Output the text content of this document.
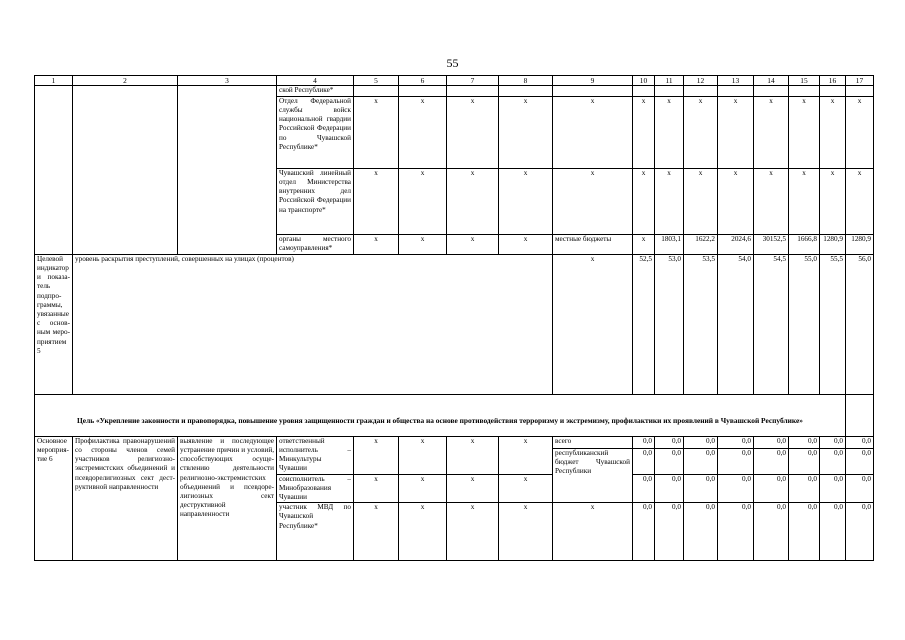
55
1	2	3	4	5	6	7	8	9	10	11	12	13	14	15	16	17
			ской Республике*													
			Отдел Федеральной службы войск национальной гвардии Российской Федерации по Чувашской Республике*	x	x	x	x	x	x	x	x	x	x	x	x	x
			Чувашский линейный отдел Министерства внутренних дел Российской Федерации на транспорте*	x	x	x	x	x	x	x	x	x	x	x	x	x
			органы местного самоуправления*	x	x	x	x	местные бюджеты	x	1803,1	1622,2	2024,6	30152,5	1666,8	1280,9	1280,9
Целевой индикатор и показатель подпрограммы, увязанные с основным мероприятием 5	уровень раскрытия преступлений, совершенных на улицах (процентов)							x	52,5	53,0	53,5	54,0	54,5	55,0	55,5	56,0
Цель «Укрепление законности и правопорядка, повышение уровня защищенности граждан и общества на основе противодействия терроризму и экстремизму, профилактики их проявлений в Чувашской Республике»																
Основное мероприятие 6	Профилактика правонарушений со стороны членов семей участников религиозно-экстремистских объединений и псевдорелигиозных сект деструктивной направленности	выявление и последующее устранение причин и условий, способствующих осуществлению деятельности религиозно-экстремистских объединений и псевдорелигиозных сект деструктивной направленности	ответственный исполнитель – Минкультуры Чувашии	x	x	x	x	всего	0,0	0,0	0,0	0,0	0,0	0,0	0,0	0,0
								республиканский бюджет Чувашской Республики	0,0	0,0	0,0	0,0	0,0	0,0	0,0	0,0
			соисполнитель – Минобразования Чувашии	x	x	x	x		0,0	0,0	0,0	0,0	0,0	0,0	0,0	0,0
			участник МВД по Чувашской Республике*	x	x	x	x	x	0,0	0,0	0,0	0,0	0,0	0,0	0,0	0,0
